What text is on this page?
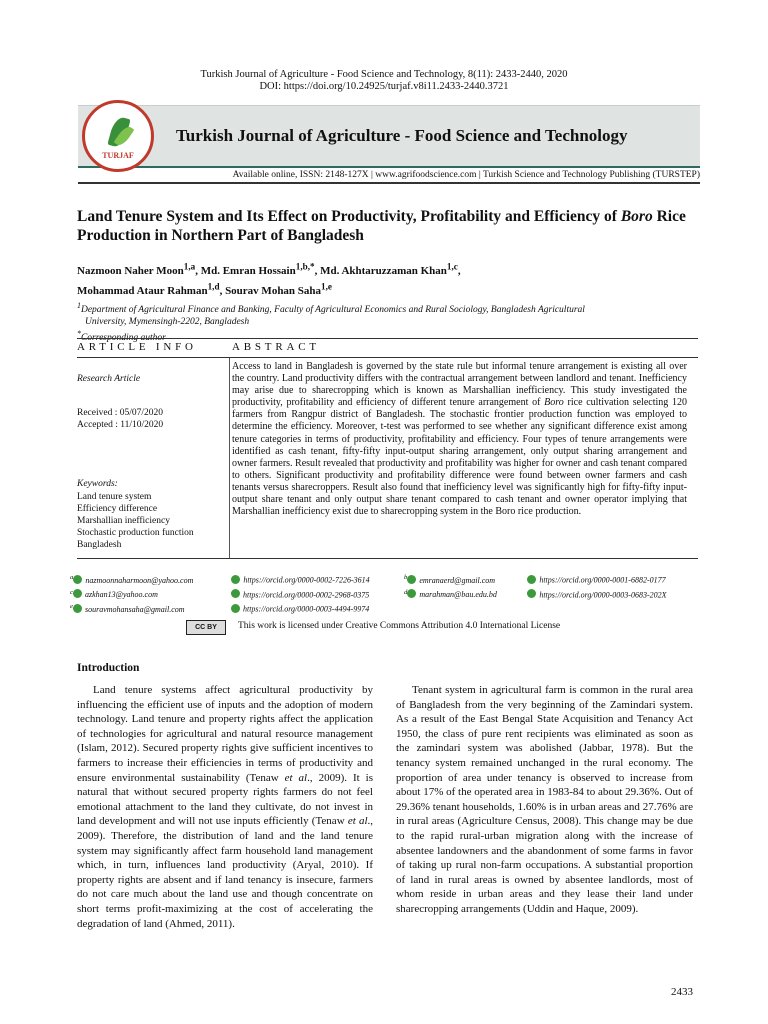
Turkish Journal of Agriculture - Food Science and Technology, 8(11): 2433-2440, 2020
DOI: https://doi.org/10.24925/turjaf.v8i11.2433-2440.3721
TURJAF
Turkish Journal of Agriculture - Food Science and Technology
Available online, ISSN: 2148-127X | www.agrifoodscience.com | Turkish Science and Technology Publishing (TURSTEP)
Land Tenure System and Its Effect on Productivity, Profitability and Efficiency of Boro Rice Production in Northern Part of Bangladesh
Nazmoon Naher Moon$^{1,a}$, Md. Emran Hossain$^{1,b,*}$, Md. Akhtaruzzaman Khan$^{1,c}$,
Mohammad Ataur Rahman$^{1,d}$, Sourav Mohan Saha$^{1,e}$
$^1$Department of Agricultural Finance and Banking, Faculty of Agricultural Economics and Rural Sociology, Bangladesh Agricultural
University, Mymensingh-2202, Bangladesh
*Corresponding author
ARTICLE INFO	ABSTRACT
Research Article
Received : 05/07/2020
Accepted : 11/10/2020
Keywords:
Land tenure system
Efficiency difference
Marshallian inefficiency
Stochastic production function
Bangladesh
Access to land in Bangladesh is governed by the state rule but informal tenure arrangement is existing all over the country. Land productivity differs with the contractual arrangement between landlord and tenant. Inefficiency may arise due to sharecropping which is known as Marshallian inefficiency. This study investigated the productivity, profitability and efficiency of different tenure arrangement of Boro rice cultivation selecting 120 farmers from Rangpur district of Bangladesh. The stochastic frontier production function was employed to determine the efficiency. Moreover, t-test was performed to see whether any significant difference exist among tenure categories in terms of productivity, profitability and efficiency. Four types of tenure arrangements were identified as cash tenant, fifty-fifty input-output sharing arrangement, only output sharing arrangement and owner farmers. Result revealed that productivity and profitability was higher for owner and cash tenant compared to others. Significant productivity and profitability difference were found between owner farmers and cash tenants versus sharecroppers. Result also found that inefficiency level was significantly high for fifty-fifty input-output share tenant and only output share tenant compared to cash tenant and owner operator implying that Marshallian inefficiency exist due to sharecropping system in the Boro rice production.
$^a$ nazmoonnaharmoon@yahoo.com	https://orcid.org/0000-0002-7226-3614
$^c$ azkhan13@yahoo.com	https://orcid.org/0000-0002-2968-0375
$^e$ souravmohansaha@gmail.com	https://orcid.org/0000-0003-4494-9974
$^b$ emranaerd@gmail.com	https://orcid.org/0000-0001-6882-0177
$^d$ marahman@bau.edu.bd	https://orcid.org/0000-0003-0683-202X
CC BY	This work is licensed under Creative Commons Attribution 4.0 International License
Introduction

Land tenure systems affect agricultural productivity by influencing the efficient use of inputs and the adoption of modern technology. Land tenure and property rights affect the application of technologies for agricultural and natural resource management (Islam, 2012). Secured property rights give sufficient incentives to farmers to increase their efficiencies in terms of productivity and ensure environmental sustainability (Tenaw et al., 2009). It is natural that without secured property rights farmers do not feel emotional attachment to the land they cultivate, do not invest in land development and will not use inputs efficiently (Tenaw et al., 2009). Therefore, the distribution of land and the land tenure system may significantly affect farm household land management which, in turn, influences land productivity (Aryal, 2010). If property rights are absent and if land tenancy is insecure, farmers do not care much about the land use and though concentrate on short terms profit-maximizing at the cost of accelerating the degradation of land (Ahmed, 2011).

Tenant system in agricultural farm is common in the rural area of Bangladesh from the very beginning of the Zamindari system. As a result of the East Bengal State Acquisition and Tenancy Act 1950, the class of pure rent recipients was eliminated as soon as the zamindari system was abolished (Jabbar, 1978). But the tenancy system remained unchanged in the rural economy. The proportion of area under tenancy is observed to increase from about 17% of the operated area in 1983-84 to about 29.36%. Out of 29.36% tenant households, 1.60% is in urban areas and 27.76% are in rural areas (Agriculture Census, 2008). This change may be due to the rapid rural-urban migration along with the increase of absentee landowners and the abandonment of some farms in favor of taking up rural non-farm occupations. A substantial proportion of land in rural areas is owned by absentee landlords, most of whom reside in urban areas and they lease their land under sharecropping arrangements (Uddin and Haque, 2009).

2433
